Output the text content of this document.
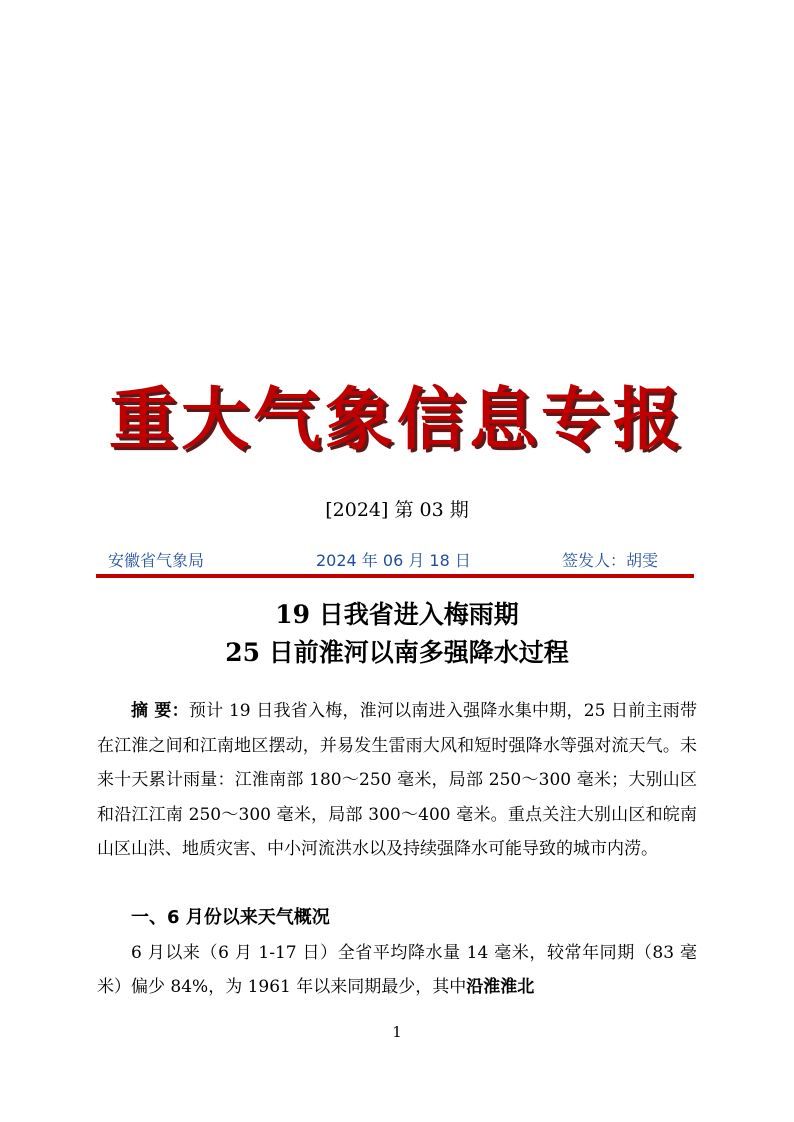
重大气象信息专报
[2024] 第 03 期
安徽省气象局	2024 年 06 月 18 日	签发人：胡雯
19 日我省进入梅雨期
25 日前淮河以南多强降水过程
摘 要：预计 19 日我省入梅，淮河以南进入强降水集中期，25 日前主雨带在江淮之间和江南地区摆动，并易发生雷雨大风和短时强降水等强对流天气。未来十天累计雨量：江淮南部 180～250 毫米，局部 250～300 毫米；大别山区和沿江江南 250～300 毫米，局部 300～400 毫米。重点关注大别山区和皖南山区山洪、地质灾害、中小河流洪水以及持续强降水可能导致的城市内涝。
一、6 月份以来天气概况
6 月以来（6 月 1-17 日）全省平均降水量 14 毫米，较常年同期（83 毫米）偏少 84%，为 1961 年以来同期最少，其中沿淮淮北
1
